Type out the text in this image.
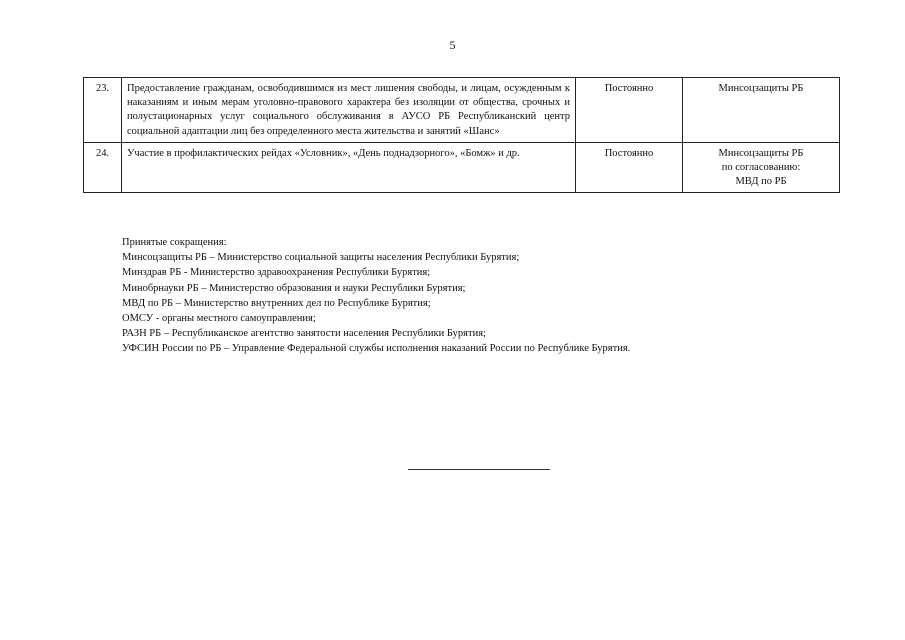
5
23.	Предоставление гражданам, освободившимся из мест лишения свободы, и лицам, осужденным к наказаниям и иным мерам уголовно-правового характера без изоляции от общества, срочных и полустационарных услуг социального обслуживания в АУСО РБ Республиканский центр социальной адаптации лиц без определенного места жительства и занятий «Шанс»	Постоянно	Минсоцзащиты РБ

24.	Участие в профилактических рейдах «Условник», «День поднадзорного», «Бомж» и др.	Постоянно	Минсоцзащиты РБ
по согласованию:
МВД по РБ
Принятые сокращения:
Минсоцзащиты РБ – Министерство социальной защиты населения Республики Бурятия;
Минздрав РБ - Министерство здравоохранения Республики Бурятия;
Минобрнауки РБ – Министерство образования и науки Республики Бурятия;
МВД по РБ – Министерство внутренних дел по Республике Бурятия;
ОМСУ - органы местного самоуправления;
РАЗН РБ – Республиканское агентство занятости населения Республики Бурятия;
УФСИН России по РБ – Управление Федеральной службы исполнения наказаний России по Республике Бурятия.
